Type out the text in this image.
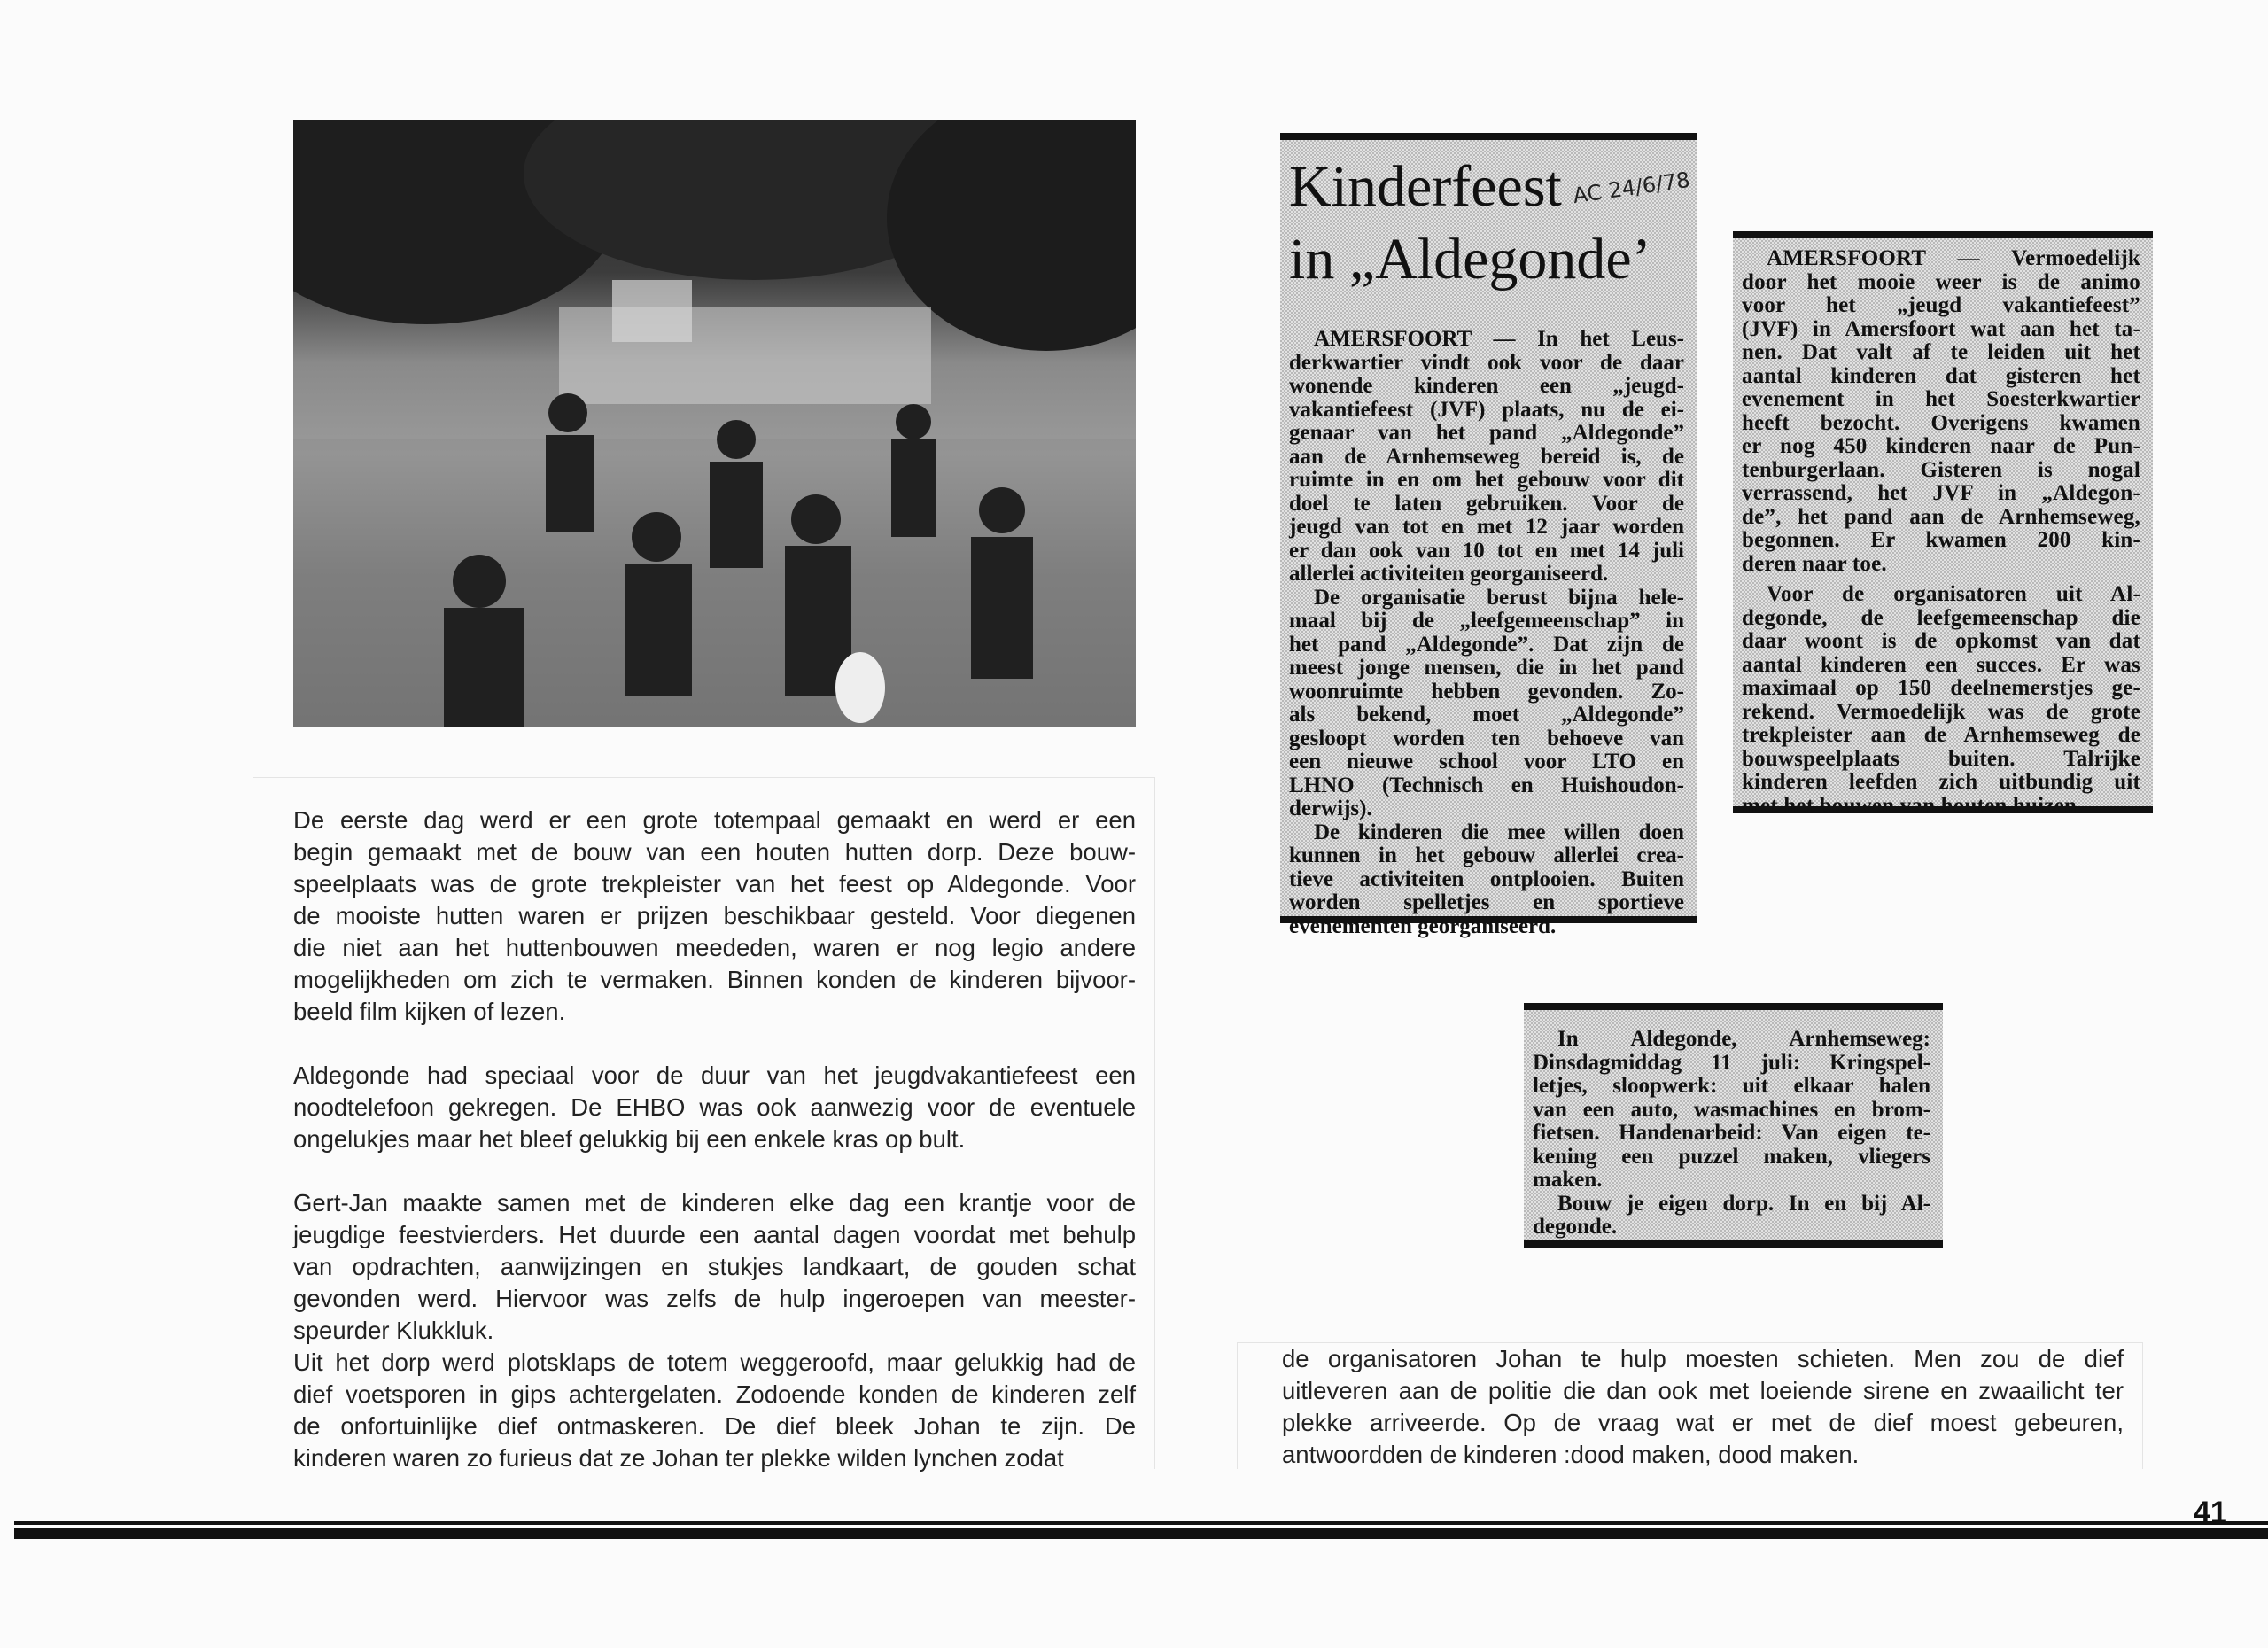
De eerste dag werd er een grote totempaal gemaakt en werd er een
begin gemaakt met de bouw van een houten hutten dorp. Deze bouw-
speelplaats was de grote trekpleister van het feest op Aldegonde. Voor
de mooiste hutten waren er prijzen beschikbaar gesteld. Voor diegenen
die niet aan het huttenbouwen meededen, waren er nog legio andere
mogelijkheden om zich te vermaken. Binnen konden de kinderen bijvoor-
beeld film kijken of lezen.
Aldegonde had speciaal voor de duur van het jeugdvakantiefeest een
noodtelefoon gekregen. De EHBO was ook aanwezig voor de eventuele
ongelukjes maar het bleef gelukkig bij een enkele kras op bult.
Gert-Jan maakte samen met de kinderen elke dag een krantje voor de
jeugdige feestvierders. Het duurde een aantal dagen voordat met behulp
van opdrachten, aanwijzingen en stukjes landkaart, de gouden schat
gevonden werd. Hiervoor was zelfs de hulp ingeroepen van meester-
speurder Klukkluk.
Uit het dorp werd plotsklaps de totem weggeroofd, maar gelukkig had de
dief voetsporen in gips achtergelaten. Zodoende konden de kinderen zelf
de onfortuinlijke dief ontmaskeren. De dief bleek Johan te zijn. De
kinderen waren zo furieus dat ze Johan ter plekke wilden lynchen zodat
de organisatoren Johan te hulp moesten schieten. Men zou de dief
uitleveren aan de politie die dan ook met loeiende sirene en zwaailicht ter
plekke arriveerde. Op de vraag wat er met de dief moest gebeuren,
antwoordden de kinderen :dood maken, dood maken.
Kinderfeest
in „Aldegonde’
AMERSFOORT — In het Leus-
derkwartier vindt ook voor de daar
wonende kinderen een „jeugd-
vakantiefeest (JVF) plaats, nu de ei-
genaar van het pand „Aldegonde”
aan de Arnhemseweg bereid is, de
ruimte in en om het gebouw voor dit
doel te laten gebruiken. Voor de
jeugd van tot en met 12 jaar worden
er dan ook van 10 tot en met 14 juli
allerlei activiteiten georganiseerd.
De organisatie berust bijna hele-
maal bij de „leefgemeenschap” in
het pand „Aldegonde”. Dat zijn de
meest jonge mensen, die in het pand
woonruimte hebben gevonden. Zo-
als bekend, moet „Aldegonde”
gesloopt worden ten behoeve van
een nieuwe school voor LTO en
LHNO (Technisch en Huishoudon-
derwijs).
De kinderen die mee willen doen
kunnen in het gebouw allerlei crea-
tieve activiteiten ontplooien. Buiten
worden spelletjes en sportieve
evenementen georganiseerd.
AC 24/6/78
AMERSFOORT — Vermoedelijk
door het mooie weer is de animo
voor het „jeugd vakantiefeest”
(JVF) in Amersfoort wat aan het ta-
nen. Dat valt af te leiden uit het
aantal kinderen dat gisteren het
evenement in het Soesterkwartier
heeft bezocht. Overigens kwamen
er nog 450 kinderen naar de Pun-
tenburgerlaan. Gisteren is nogal
verrassend, het JVF in „Aldegon-
de”, het pand aan de Arnhemseweg,
begonnen. Er kwamen 200 kin-
deren naar toe.
Voor de organisatoren uit Al-
degonde, de leefgemeenschap die
daar woont is de opkomst van dat
aantal kinderen een succes. Er was
maximaal op 150 deelnemerstjes ge-
rekend. Vermoedelijk was de grote
trekpleister aan de Arnhemseweg de
bouwspeelplaats buiten. Talrijke
kinderen leefden zich uitbundig uit
met het bouwen van houten huizen.
In Aldegonde, Arnhemseweg:
Dinsdagmiddag 11 juli: Kringspel-
letjes, sloopwerk: uit elkaar halen
van een auto, wasmachines en brom-
fietsen. Handenarbeid: Van eigen te-
kening een puzzel maken, vliegers
maken.
Bouw je eigen dorp. In en bij Al-
degonde.
41
